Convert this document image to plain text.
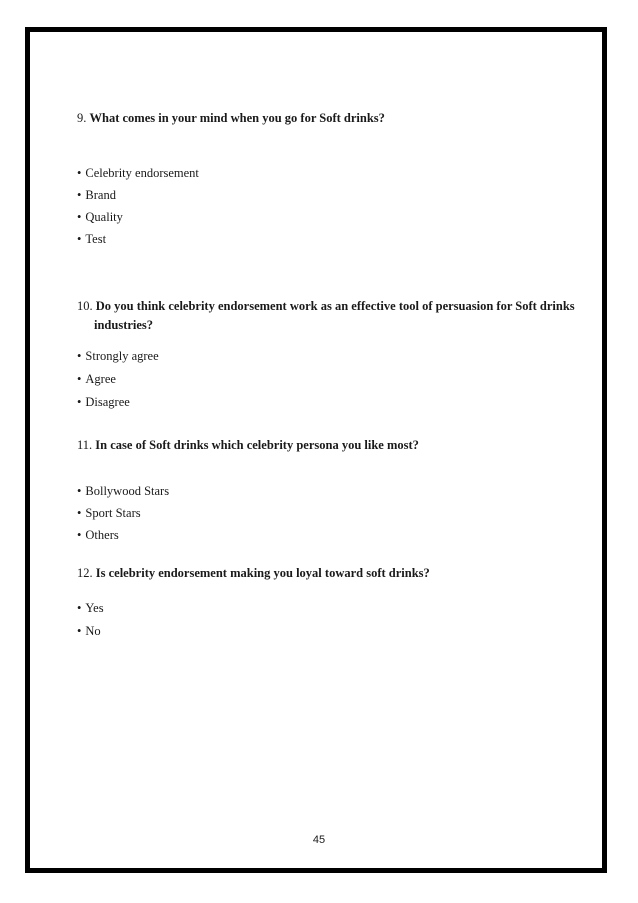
9. What comes in your mind when you go for Soft drinks?
• Celebrity endorsement
• Brand
• Quality
• Test
10. Do you think celebrity endorsement work as an effective tool of persuasion for Soft drinks industries?
• Strongly agree
• Agree
• Disagree
11. In case of Soft drinks which celebrity persona you like most?
• Bollywood Stars
• Sport Stars
• Others
12. Is celebrity endorsement making you loyal toward soft drinks?
• Yes
• No
45
